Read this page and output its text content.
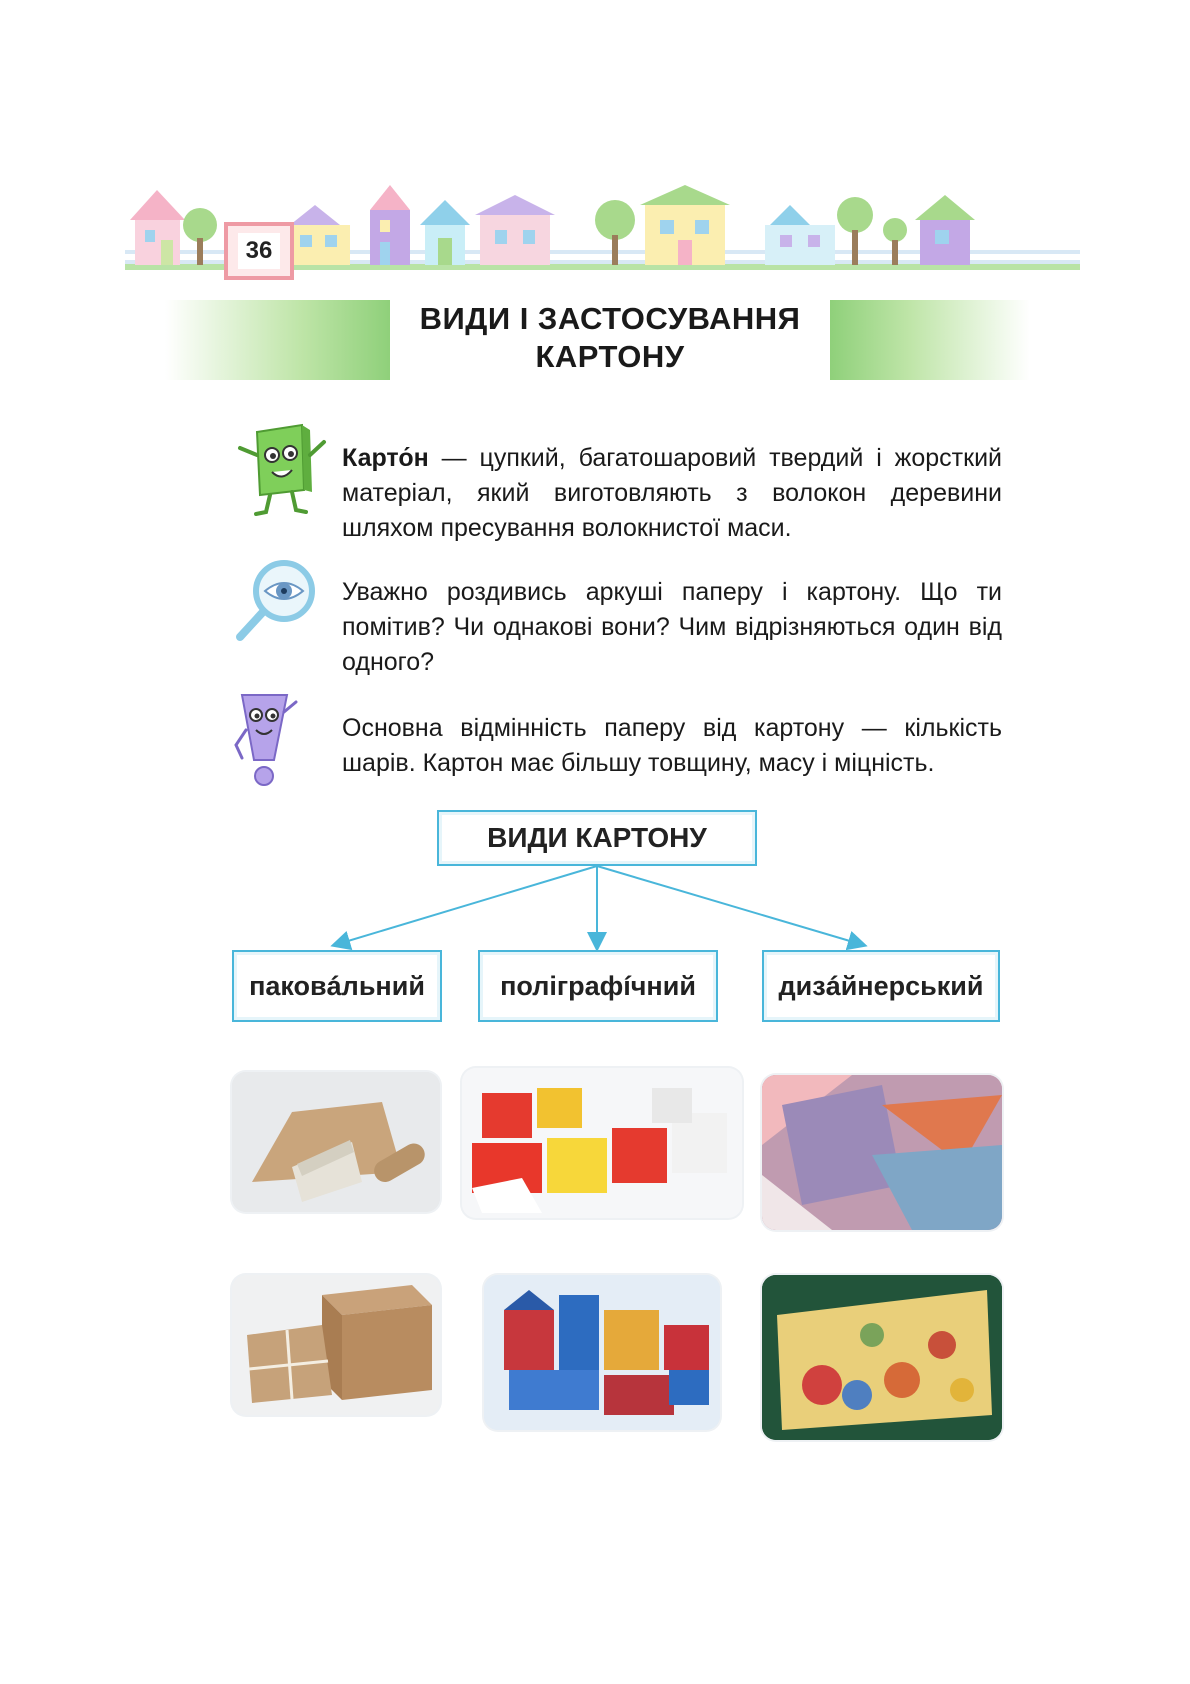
36
ВИДИ І ЗАСТОСУВАННЯ
КАРТОНУ

Карто́н — цупкий, багатошаровий твердий і жорсткий матеріал, який виготовляють з волокон деревини шляхом пресування волокнистої маси.

Уважно роздивись аркуші паперу і картону. Що ти помітив? Чи однакові вони? Чим відрізняються один від одного?

Основна відмінність паперу від картону — кількість шарів. Картон має більшу товщину, масу і міцність.

ВИДИ КАРТОНУ
паковáльний	поліграфíчний	дизáйнерський
